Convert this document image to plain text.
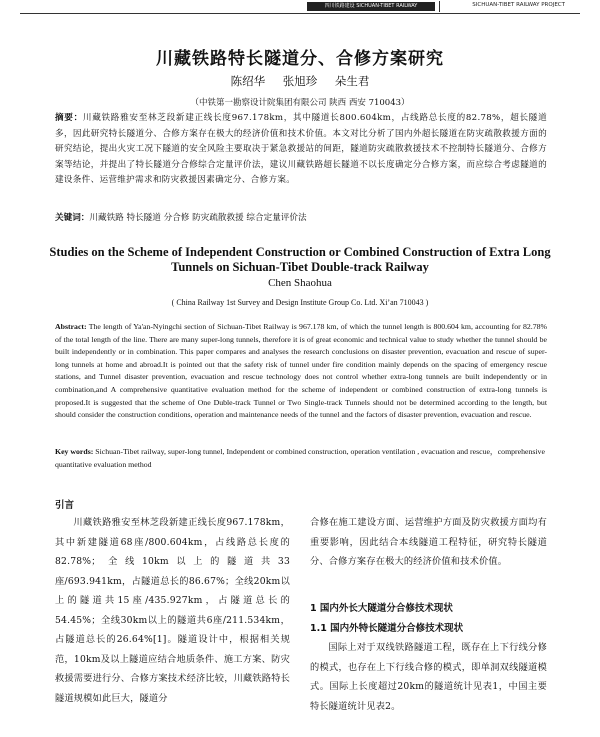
四川铁路建设 SICHUAN-TIBET RAILWAY	SICHUAN-TIBET RAILWAY PROJECT
川藏铁路特长隧道分、合修方案研究
陈绍华 张旭珍 朵生君
（中铁第一勘察设计院集团有限公司 陕西 西安 710043）
摘要：川藏铁路雅安至林芝段新建正线长度967.178km，其中隧道长800.604km，占线路总长度的82.78%，超长隧道多，因此研究特长隧道分、合修方案存在极大的经济价值和技术价值。本文对比分析了国内外超长隧道在防灾疏散救援方面的研究结论，提出火灾工况下隧道的安全风险主要取决于紧急救援站的间距，隧道防灾疏散救援技术不控制特长隧道分、合修方案等结论，并提出了特长隧道分合修综合定量评价法，建议川藏铁路超长隧道不以长度确定分合修方案，而应综合考虑隧道的建设条件、运营维护需求和防灾救援因素确定分、合修方案。
关键词：川藏铁路 特长隧道 分合修 防灾疏散救援 综合定量评价法
Studies on the Scheme of Independent Construction or Combined Construction of Extra Long Tunnels on Sichuan-Tibet Double-track Railway
Chen Shaohua
( China Railway 1st Survey and Design Institute Group Co. Ltd. Xi’an 710043 )
Abstract: The length of Ya'an-Nyingchi section of Sichuan-Tibet Railway is 967.178 km, of which the tunnel length is 800.604 km, accounting for 82.78% of the total length of the line. There are many super-long tunnels, therefore it is of great economic and technical value to study whether the tunnel should be built independently or in combination. This paper compares and analyses the research conclusions on disaster prevention, evacuation and rescue of super-long tunnels at home and abroad.It is pointed out that the safety risk of tunnel under fire condition mainly depends on the spacing of emergency rescue stations, and Tunnel disaster prevention, evacuation and rescue technology does not control whether extra-long tunnels are built independently or in combination,and A comprehensive quantitative evaluation method for the scheme of independent or combined construction of extra-long tunnels is proposed.It is suggested that the scheme of One Duble-track Tunnel or Two Single-track Tunnels should not be determined according to the length, but should consider the construction conditions, operation and maintenance needs of the tunnel and the factors of disaster prevention, evacuation and rescue.
Key words: Sichuan-Tibet railway, super-long tunnel, Independent or combined construction, operation ventilation , evacuation and rescue，comprehensive quantitative evaluation method
引言

川藏铁路雅安至林芝段新建正线长度967.178km，其中新建隧道68座/800.604km，占线路总长度的82.78%；全线10km以上的隧道共33座/693.941km，占隧道总长的86.67%；全线20km以上的隧道共15座/435.927km，占隧道总长的54.45%；全线30km以上的隧道共6座/211.534km，占隧道总长的26.64%[1]。隧道设计中，根据相关规范，10km及以上隧道应结合地质条件、施工方案、防灾救援需要进行分、合修方案技术经济比较，川藏铁路特长隧道规模如此巨大，隧道分

合修在施工建设方面、运营维护方面及防灾救援方面均有重要影响，因此结合本线隧道工程特征，研究特长隧道分、合修方案存在极大的经济价值和技术价值。

1 国内外长大隧道分合修技术现状
1.1 国内外特长隧道分合修技术现状

国际上对于双线铁路隧道工程，既存在上下行线分修的模式，也存在上下行线合修的模式，即单洞双线隧道模式。国际上长度超过20km的隧道统计见表1，中国主要特长隧道统计见表2。
